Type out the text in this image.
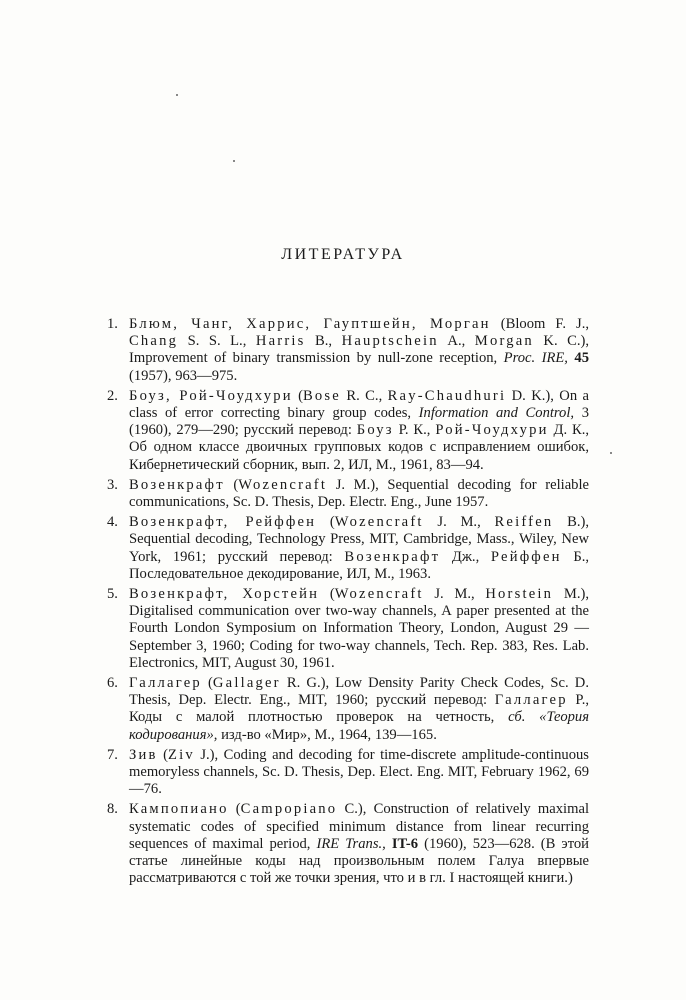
ЛИТЕРАТУРА
1. Блюм, Чанг, Харрис, Гауптшейн, Морган (Bloom F. J., Chang S. S. L., Harris B., Hauptschein A., Morgan K. C.), Improvement of binary transmission by null-zone reception, Proc. IRE, 45 (1957), 963—975.
2. Боуз, Рой-Чоудхури (Bose R. C., Ray-Chaudhuri D. K.), On a class of error correcting binary group codes, Information and Control, 3 (1960), 279—290; русский перевод: Боуз Р. К., Рой-Чоудхури Д. К., Об одном классе двоичных групповых кодов с исправлением ошибок, Кибернетический сборник, вып. 2, ИЛ, М., 1961, 83—94.
3. Возенкрафт (Wozencraft J. M.), Sequential decoding for reliable communications, Sc. D. Thesis, Dep. Electr. Eng., June 1957.
4. Возенкрафт, Рейффен (Wozencraft J. M., Reiffen B.), Sequential decoding, Technology Press, MIT, Cambridge, Mass., Wiley, New York, 1961; русский перевод: Возенкрафт Дж., Рейффен Б., Последовательное декодирование, ИЛ, М., 1963.
5. Возенкрафт, Хорстейн (Wozencraft J. M., Horstein M.), Digitalised communication over two-way channels, A paper presented at the Fourth London Symposium on Information Theory, London, August 29 — September 3, 1960; Coding for two-way channels, Tech. Rep. 383, Res. Lab. Electronics, MIT, August 30, 1961.
6. Галлагер (Gallager R. G.), Low Density Parity Check Codes, Sc. D. Thesis, Dep. Electr. Eng., MIT, 1960; русский перевод: Галлагер Р., Коды с малой плотностью проверок на четность, сб. «Теория кодирования», изд-во «Мир», М., 1964, 139—165.
7. Зив (Ziv J.), Coding and decoding for time-discrete amplitude-continuous memoryless channels, Sc. D. Thesis, Dep. Elect. Eng. MIT, February 1962, 69—76.
8. Кампопиано (Campopiano C.), Construction of relatively maximal systematic codes of specified minimum distance from linear recurring sequences of maximal period, IRE Trans., IT-6 (1960), 523—628. (В этой статье линейные коды над произвольным полем Галуа впервые рассматриваются с той же точки зрения, что и в гл. I настоящей книги.)
